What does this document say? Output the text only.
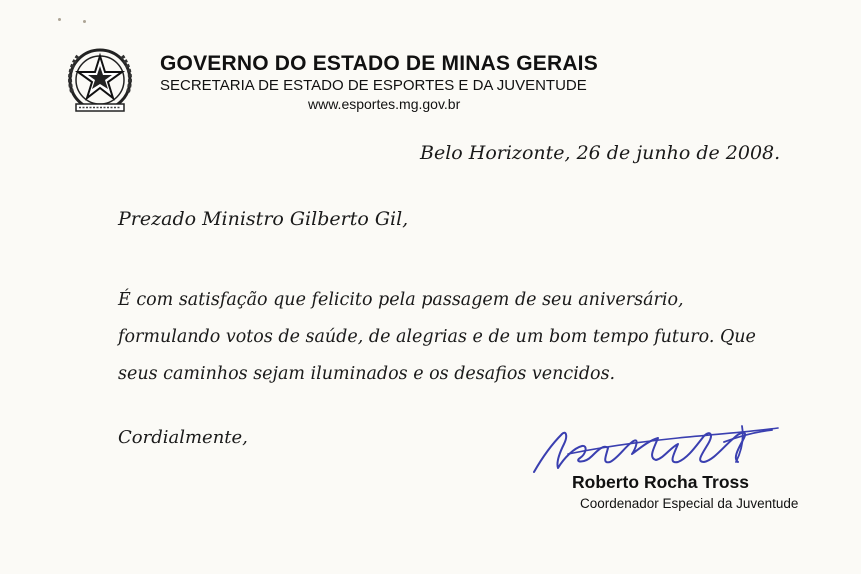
GOVERNO DO ESTADO DE MINAS GERAIS
SECRETARIA DE ESTADO DE ESPORTES E DA JUVENTUDE
www.esportes.mg.gov.br
Belo Horizonte, 26 de junho de 2008.
Prezado Ministro Gilberto Gil,
É com satisfação que felicito pela passagem de seu aniversário,
formulando votos de saúde, de alegrias e de um bom tempo futuro. Que
seus caminhos sejam iluminados e os desafios vencidos.
Cordialmente,
Roberto Rocha Tross
Coordenador Especial da Juventude
